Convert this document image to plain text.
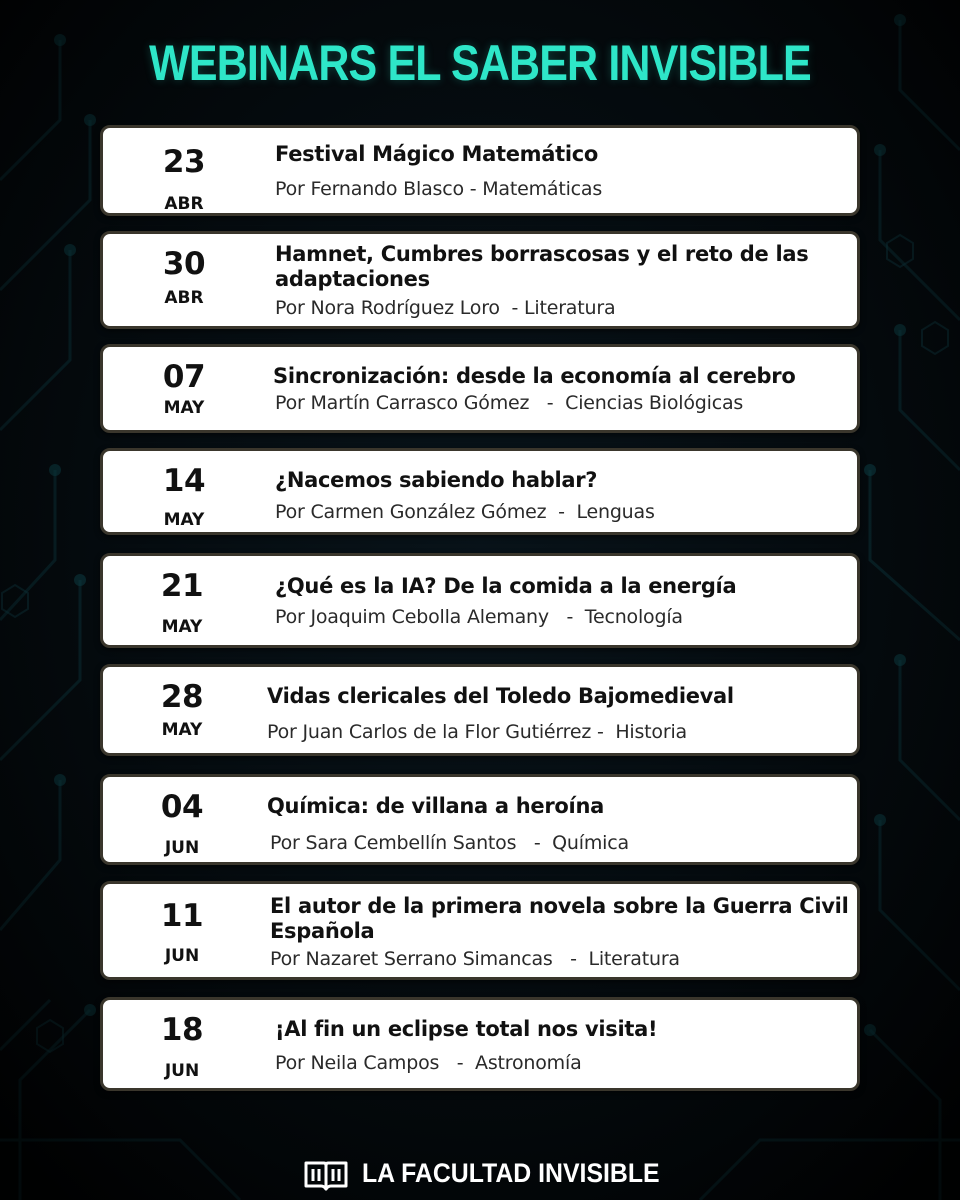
WEBINARS EL SABER INVISIBLE
23
ABR
Festival Mágico Matemático
Por Fernando Blasco - Matemáticas
30
ABR
Hamnet, Cumbres borrascosas y el reto de las adaptaciones
Por Nora Rodríguez Loro  - Literatura
07
MAY
Sincronización: desde la economía al cerebro
Por Martín Carrasco Gómez   -  Ciencias Biológicas
14
MAY
¿Nacemos sabiendo hablar?
Por Carmen González Gómez  -  Lenguas
21
MAY
¿Qué es la IA? De la comida a la energía
Por Joaquim Cebolla Alemany   -  Tecnología
28
MAY
Vidas clericales del Toledo Bajomedieval
Por Juan Carlos de la Flor Gutiérrez -  Historia
04
JUN
Química: de villana a heroína
Por Sara Cembellín Santos   -  Química
11
JUN
El autor de la primera novela sobre la Guerra Civil Española
Por Nazaret Serrano Simancas   -  Literatura
18
JUN
¡Al fin un eclipse total nos visita!
Por Neila Campos   -  Astronomía
LA FACULTAD INVISIBLE
